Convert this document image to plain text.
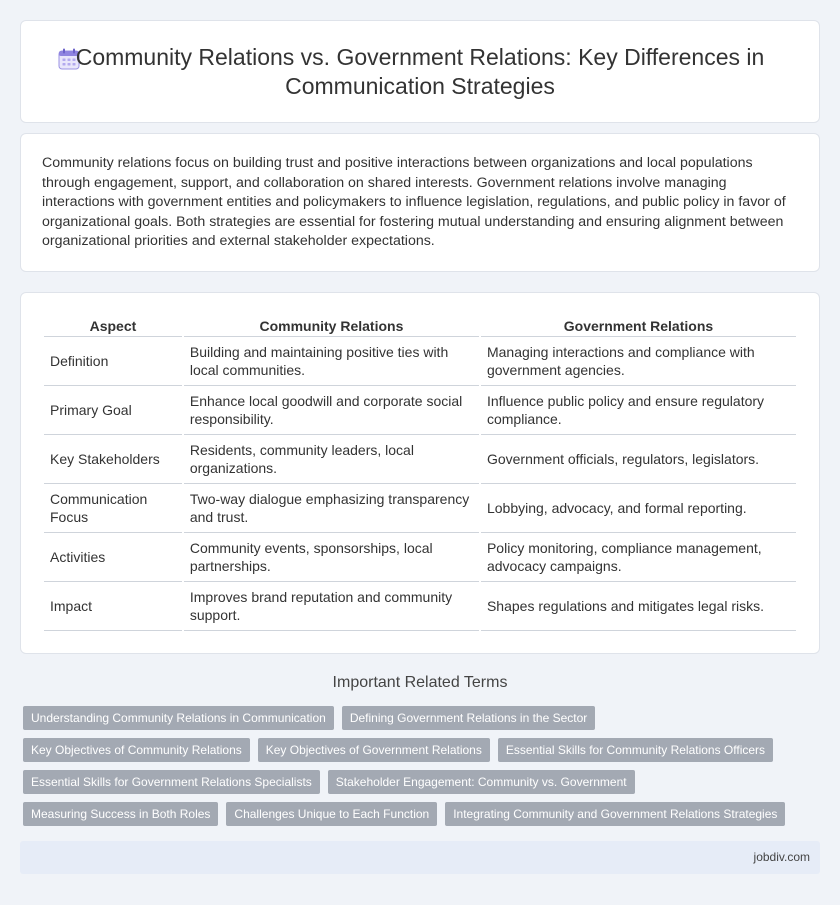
Community Relations vs. Government Relations: Key Differences in Communication Strategies

Community relations focus on building trust and positive interactions between organizations and local populations through engagement, support, and collaboration on shared interests. Government relations involve managing interactions with government entities and policymakers to influence legislation, regulations, and public policy in favor of organizational goals. Both strategies are essential for fostering mutual understanding and ensuring alignment between organizational priorities and external stakeholder expectations.

Aspect	Community Relations	Government Relations
Definition	Building and maintaining positive ties with local communities.	Managing interactions and compliance with government agencies.
Primary Goal	Enhance local goodwill and corporate social responsibility.	Influence public policy and ensure regulatory compliance.
Key Stakeholders	Residents, community leaders, local organizations.	Government officials, regulators, legislators.
Communication Focus	Two-way dialogue emphasizing transparency and trust.	Lobbying, advocacy, and formal reporting.
Activities	Community events, sponsorships, local partnerships.	Policy monitoring, compliance management, advocacy campaigns.
Impact	Improves brand reputation and community support.	Shapes regulations and mitigates legal risks.
Important Related Terms
Understanding Community Relations in Communication	Defining Government Relations in the Sector
Key Objectives of Community Relations	Key Objectives of Government Relations	Essential Skills for Community Relations Officers
Essential Skills for Government Relations Specialists	Stakeholder Engagement: Community vs. Government
Measuring Success in Both Roles	Challenges Unique to Each Function	Integrating Community and Government Relations Strategies
jobdiv.com
